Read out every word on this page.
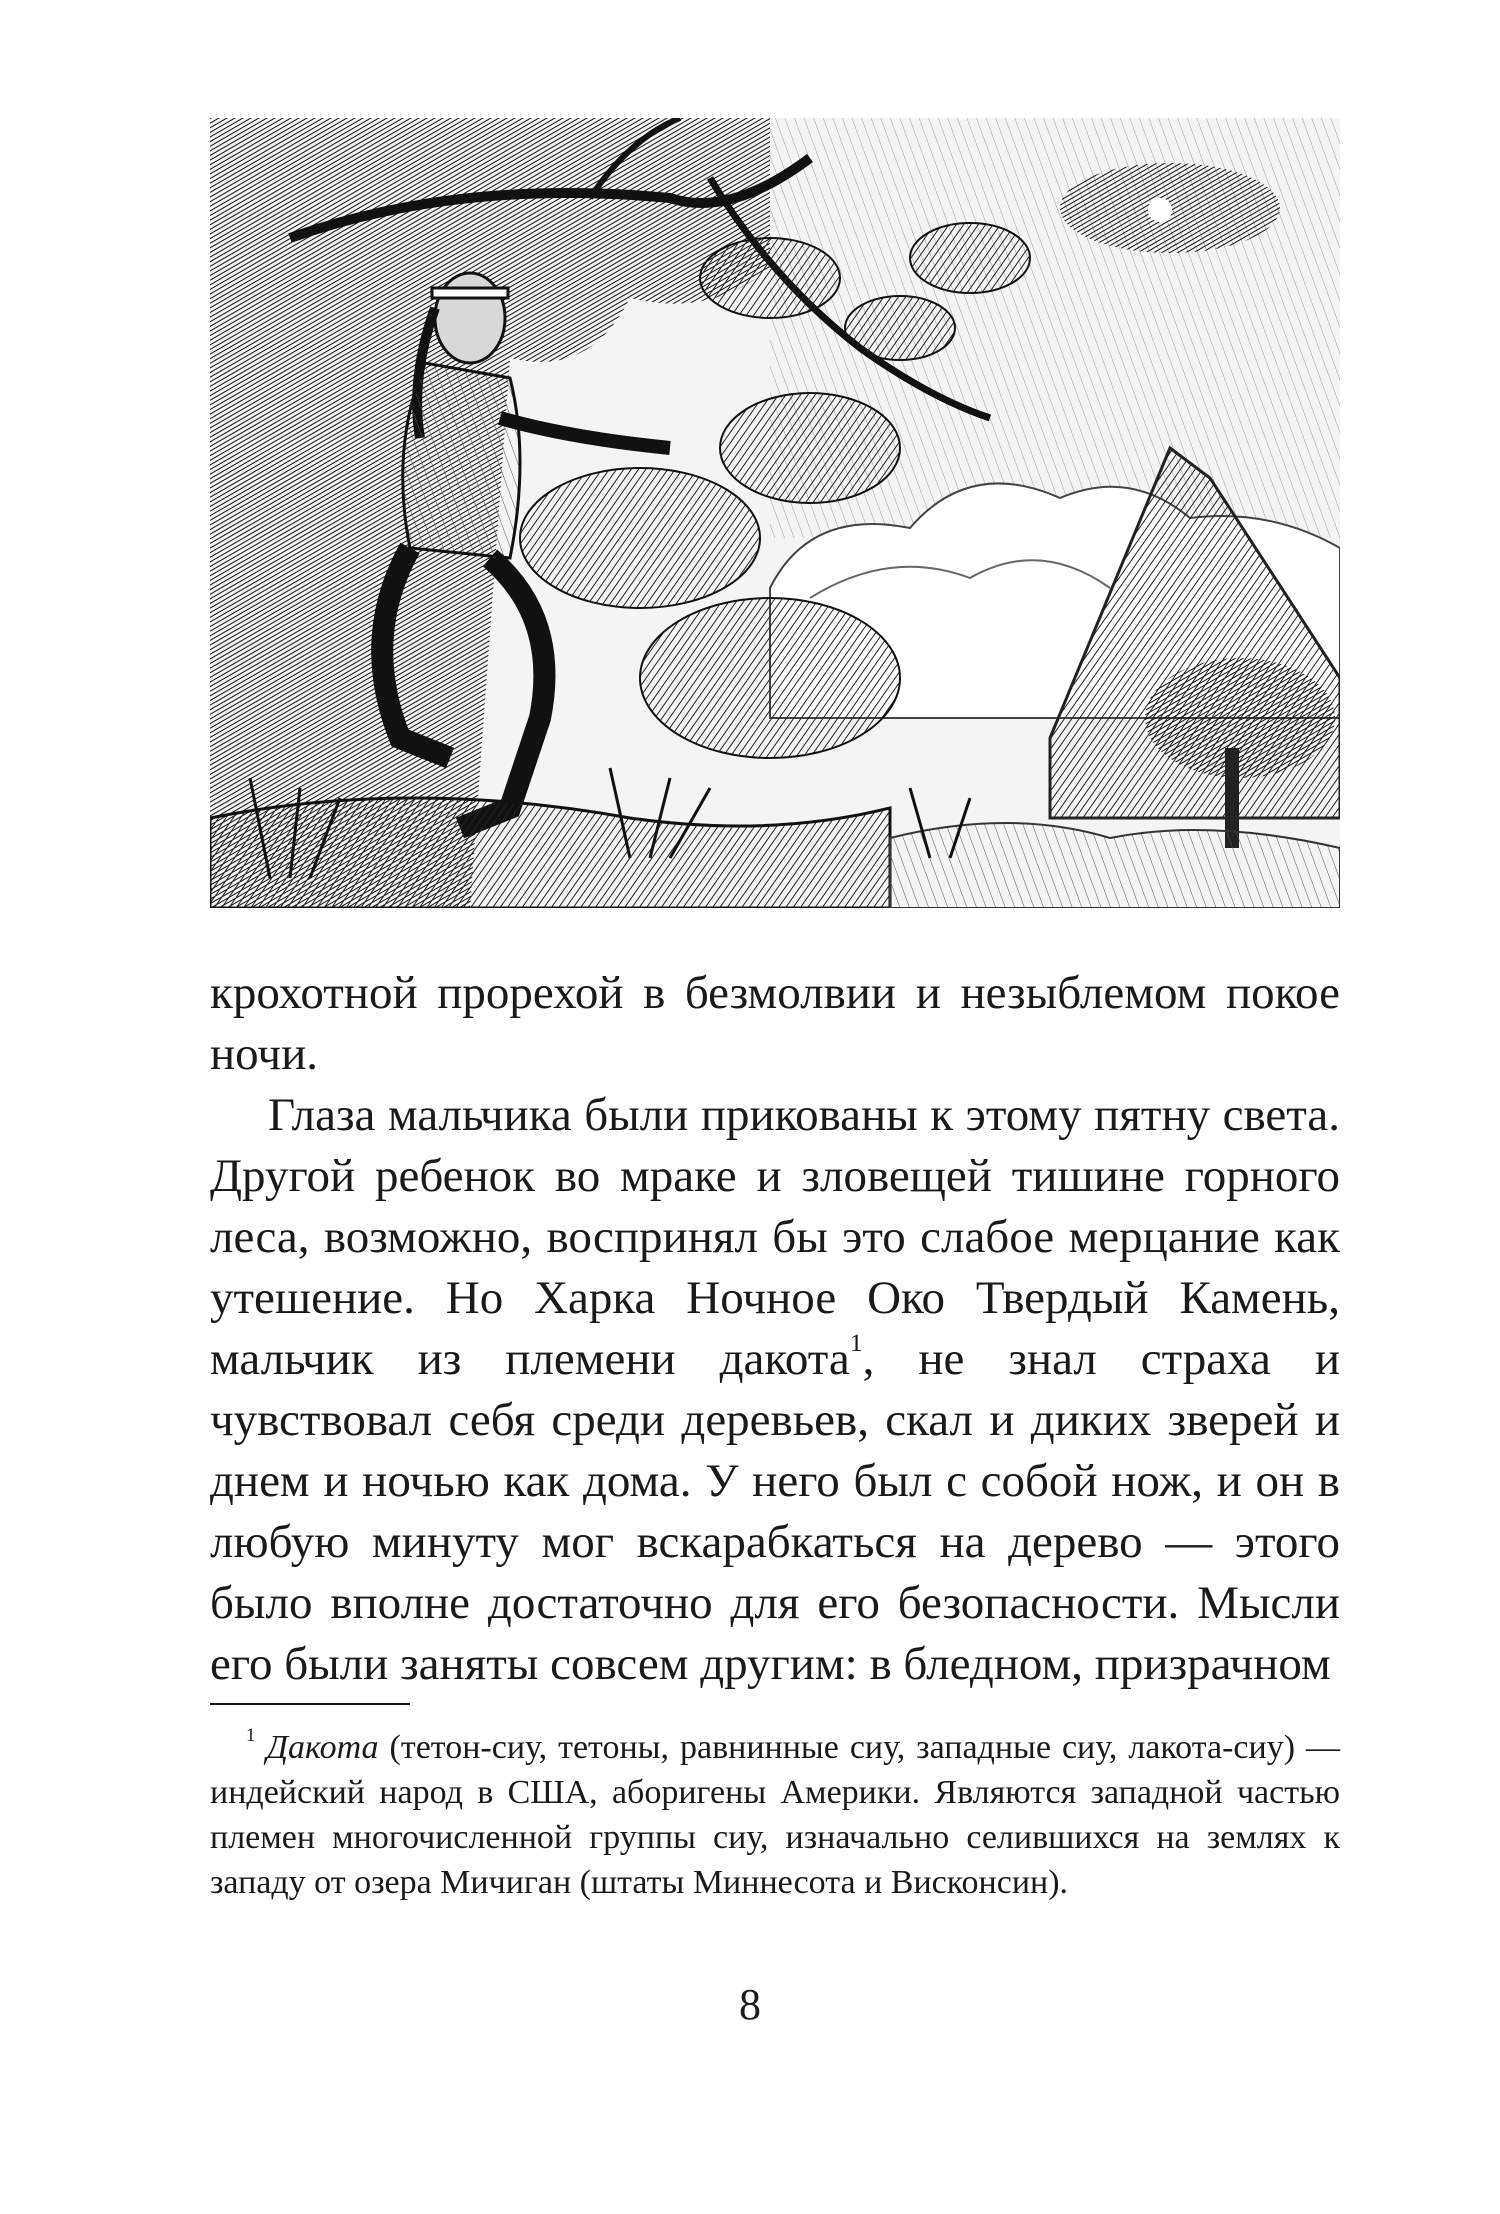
крохотной прорехой в безмолвии и незыблемом покое ночи.

Глаза мальчика были прикованы к этому пятну света. Другой ребенок во мраке и зловещей тишине горного леса, возможно, воспринял бы это слабое мерцание как утешение. Но Харка Ночное Око Твердый Камень, мальчик из племени дакота$^1$, не знал страха и чувствовал себя среди деревьев, скал и диких зверей и днем и ночью как дома. У него был с собой нож, и он в любую минуту мог вскарабкаться на дерево — этого было вполне достаточно для его безопасности. Мысли его были заняты совсем другим: в бледном, призрачном

$^1$ Дакота (тетон-сиу, тетоны, равнинные сиу, западные сиу, лакота-сиу) — индейский народ в США, аборигены Америки. Являются западной частью племен многочисленной группы сиу, изначально селившихся на землях к западу от озера Мичиган (штаты Миннесота и Висконсин).

8
